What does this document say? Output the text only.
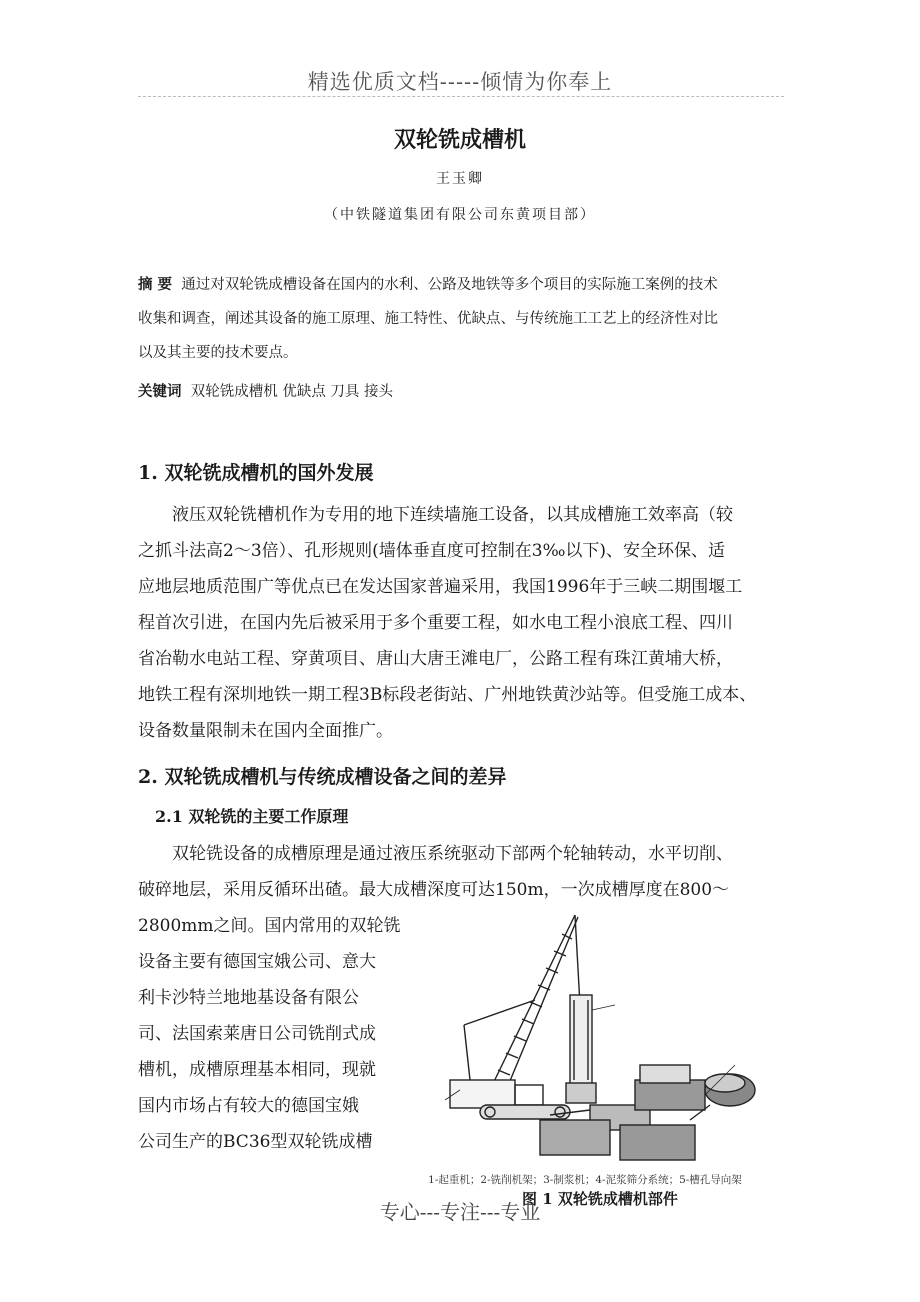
精选优质文档-----倾情为你奉上
双轮铣成槽机
王玉卿
（中铁隧道集团有限公司东黄项目部）
摘 要 通过对双轮铣成槽设备在国内的水利、公路及地铁等多个项目的实际施工案例的技术
收集和调查，阐述其设备的施工原理、施工特性、优缺点、与传统施工工艺上的经济性对比
以及其主要的技术要点。
关键词 双轮铣成槽机 优缺点 刀具 接头
1. 双轮铣成槽机的国外发展
液压双轮铣槽机作为专用的地下连续墙施工设备，以其成槽施工效率高（较
之抓斗法高2～3倍）、孔形规则(墙体垂直度可控制在3‰以下)、安全环保、适
应地层地质范围广等优点已在发达国家普遍采用，我国1996年于三峡二期围堰工
程首次引进，在国内先后被采用于多个重要工程，如水电工程小浪底工程、四川
省冶勒水电站工程、穿黄项目、唐山大唐王滩电厂，公路工程有珠江黄埔大桥，
地铁工程有深圳地铁一期工程3B标段老街站、广州地铁黄沙站等。但受施工成本、
设备数量限制未在国内全面推广。
2. 双轮铣成槽机与传统成槽设备之间的差异
2.1 双轮铣的主要工作原理
双轮铣设备的成槽原理是通过液压系统驱动下部两个轮轴转动，水平切削、
破碎地层，采用反循环出碴。最大成槽深度可达150m，一次成槽厚度在800～
2800mm之间。国内常用的双轮铣
设备主要有德国宝娥公司、意大
利卡沙特兰地地基设备有限公
司、法国索莱唐日公司铣削式成
槽机，成槽原理基本相同，现就
国内市场占有较大的德国宝娥
公司生产的BC36型双轮铣成槽
1-起重机；2-铣削机架；3-制浆机；4-泥浆筛分系统；5-槽孔导向架
图 1 双轮铣成槽机部件
专心---专注---专业
